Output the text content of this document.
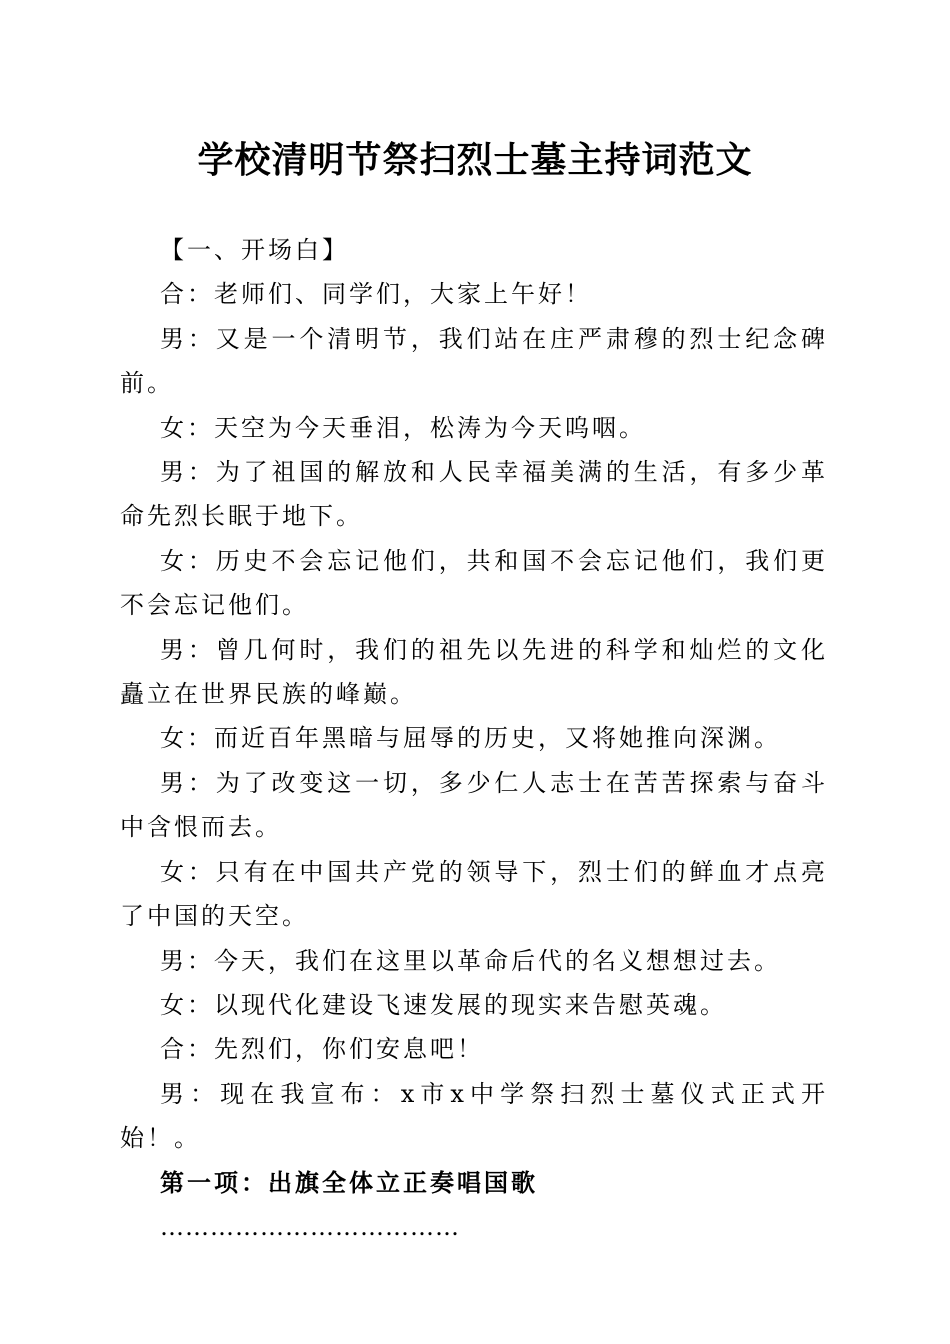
学校清明节祭扫烈士墓主持词范文

【一、开场白】

合：老师们、同学们，大家上午好！

男：又是一个清明节，我们站在庄严肃穆的烈士纪念碑前。

女：天空为今天垂泪，松涛为今天呜咽。

男：为了祖国的解放和人民幸福美满的生活，有多少革命先烈长眠于地下。

女：历史不会忘记他们，共和国不会忘记他们，我们更不会忘记他们。

男：曾几何时，我们的祖先以先进的科学和灿烂的文化矗立在世界民族的峰巅。

女：而近百年黑暗与屈辱的历史，又将她推向深渊。

男：为了改变这一切，多少仁人志士在苦苦探索与奋斗中含恨而去。

女：只有在中国共产党的领导下，烈士们的鲜血才点亮了中国的天空。

男：今天，我们在这里以革命后代的名义想想过去。

女：以现代化建设飞速发展的现实来告慰英魂。

合：先烈们，你们安息吧！

男：现在我宣布：x市x中学祭扫烈士墓仪式正式开始！。

第一项：出旗全体立正奏唱国歌

………………………………
